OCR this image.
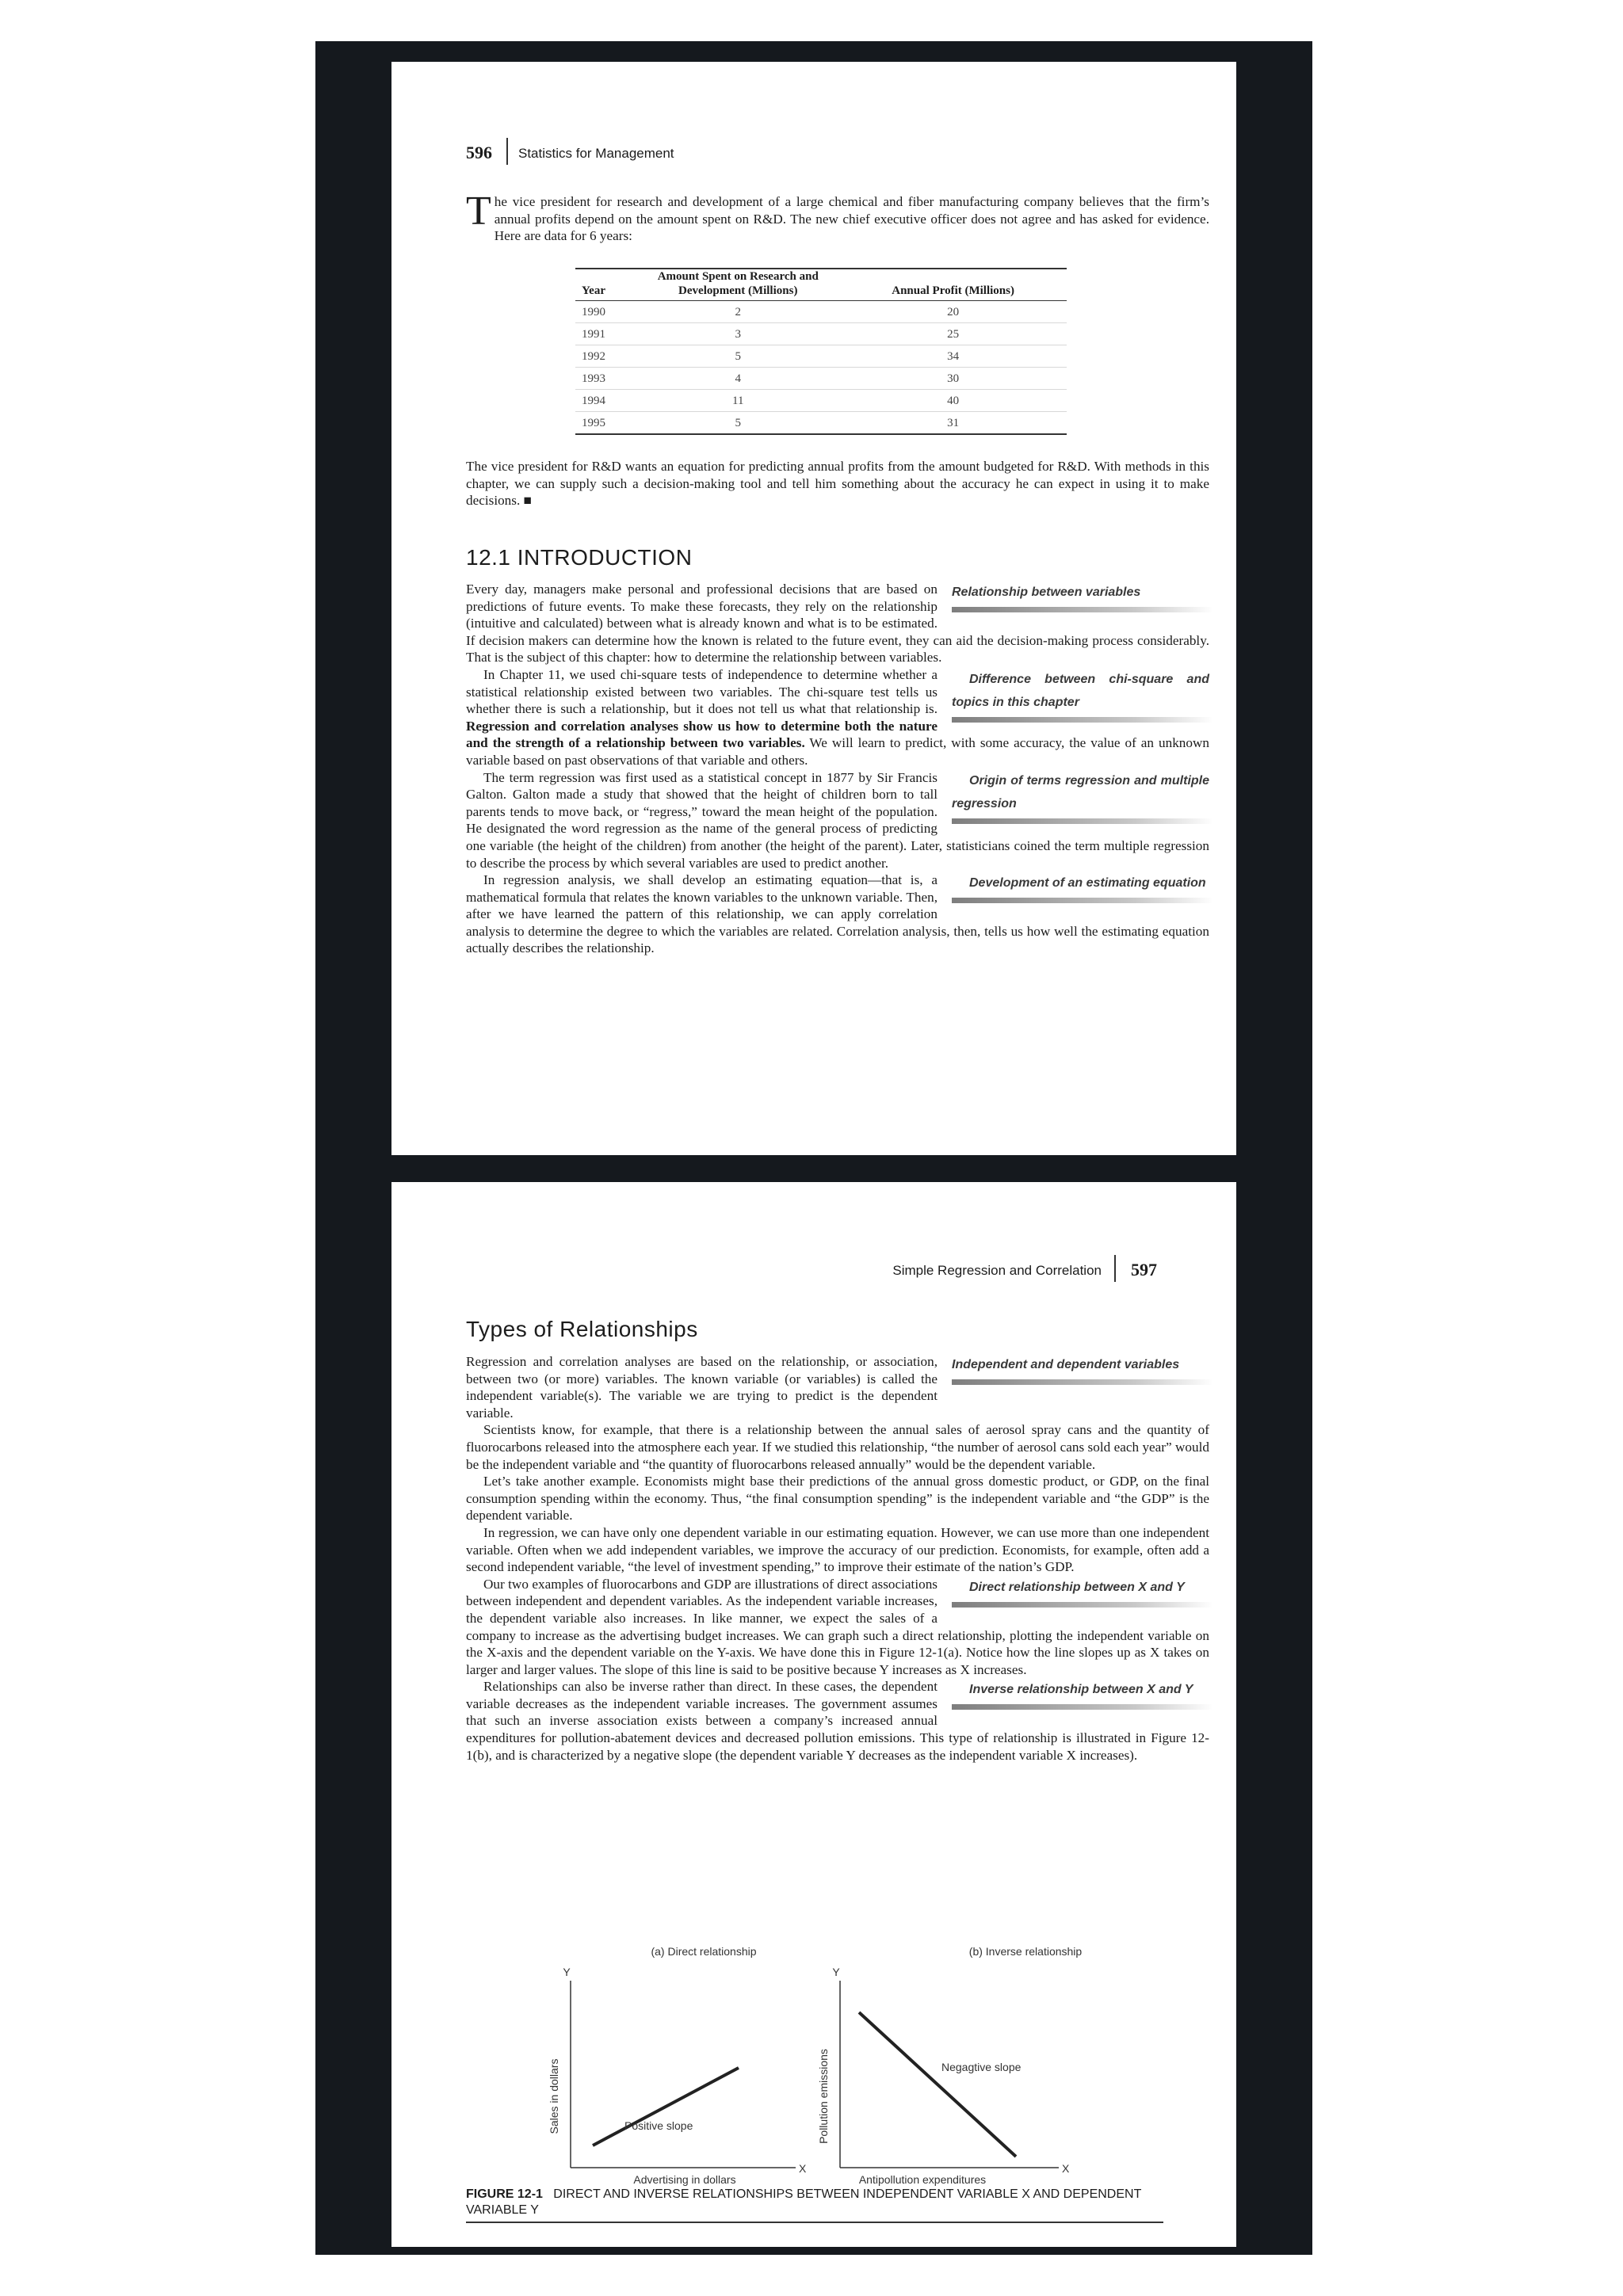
596 Statistics for Management
The vice president for research and development of a large chemical and fiber manufacturing company believes that the firm’s annual profits depend on the amount spent on R&D. The new chief executive officer does not agree and has asked for evidence. Here are data for 6 years:
Year	Amount Spent on Research and Development (Millions)	Annual Profit (Millions)
1990	2	20
1991	3	25
1992	5	34
1993	4	30
1994	11	40
1995	5	31
The vice president for R&D wants an equation for predicting annual profits from the amount budgeted for R&D. With methods in this chapter, we can supply such a decision-making tool and tell him something about the accuracy he can expect in using it to make decisions. ■
12.1 INTRODUCTION

Relationship between variables
Every day, managers make personal and professional decisions that are based on predictions of future events. To make these forecasts, they rely on the relationship (intuitive and calculated) between what is already known and what is to be estimated. If decision makers can determine how the known is related to the future event, they can aid the decision-making process considerably. That is the subject of this chapter: how to determine the relationship between variables.

Difference between chi-square and topics in this chapter
In Chapter 11, we used chi-square tests of independence to determine whether a statistical relationship existed between two variables. The chi-square test tells us whether there is such a relationship, but it does not tell us what that relationship is. Regression and correlation analyses show us how to determine both the nature and the strength of a relationship between two variables. We will learn to predict, with some accuracy, the value of an unknown variable based on past observations of that variable and others.

Origin of terms regression and multiple regression
The term regression was first used as a statistical concept in 1877 by Sir Francis Galton. Galton made a study that showed that the height of children born to tall parents tends to move back, or “regress,” toward the mean height of the population. He designated the word regression as the name of the general process of predicting one variable (the height of the children) from another (the height of the parent). Later, statisticians coined the term multiple regression to describe the process by which several variables are used to predict another.

Development of an estimating equation
In regression analysis, we shall develop an estimating equation—that is, a mathematical formula that relates the known variables to the unknown variable. Then, after we have learned the pattern of this relationship, we can apply correlation analysis to determine the degree to which the variables are related. Correlation analysis, then, tells us how well the estimating equation actually describes the relationship.

Simple Regression and Correlation 597
Types of Relationships

Independent and dependent variables
Regression and correlation analyses are based on the relationship, or association, between two (or more) variables. The known variable (or variables) is called the independent variable(s). The variable we are trying to predict is the dependent variable.

Scientists know, for example, that there is a relationship between the annual sales of aerosol spray cans and the quantity of fluorocarbons released into the atmosphere each year. If we studied this relationship, “the number of aerosol cans sold each year” would be the independent variable and “the quantity of fluorocarbons released annually” would be the dependent variable.

Let’s take another example. Economists might base their predictions of the annual gross domestic product, or GDP, on the final consumption spending within the economy. Thus, “the final consumption spending” is the independent variable and “the GDP” is the dependent variable.

In regression, we can have only one dependent variable in our estimating equation. However, we can use more than one independent variable. Often when we add independent variables, we improve the accuracy of our prediction. Economists, for example, often add a second independent variable, “the level of investment spending,” to improve their estimate of the nation’s GDP.

Direct relationship between X and Y
Our two examples of fluorocarbons and GDP are illustrations of direct associations between independent and dependent variables. As the independent variable increases, the dependent variable also increases. In like manner, we expect the sales of a company to increase as the advertising budget increases. We can graph such a direct relationship, plotting the independent variable on the X-axis and the dependent variable on the Y-axis. We have done this in Figure 12-1(a). Notice how the line slopes up as X takes on larger and larger values. The slope of this line is said to be positive because Y increases as X increases.

Inverse relationship between X and Y
Relationships can also be inverse rather than direct. In these cases, the dependent variable decreases as the independent variable increases. The government assumes that such an inverse association exists between a company’s increased annual expenditures for pollution-abatement devices and decreased pollution emissions. This type of relationship is illustrated in Figure 12-1(b), and is characterized by a negative slope (the dependent variable Y decreases as the independent variable X increases).

(a) Direct relationship
Y
X
Positive slope
Sales in dollars
Advertising in dollars
(b) Inverse relationship
Y
X
Negagtive slope
Pollution emissions
Antipollution expenditures
FIGURE 12-1 DIRECT AND INVERSE RELATIONSHIPS BETWEEN INDEPENDENT VARIABLE X AND DEPENDENT VARIABLE Y
